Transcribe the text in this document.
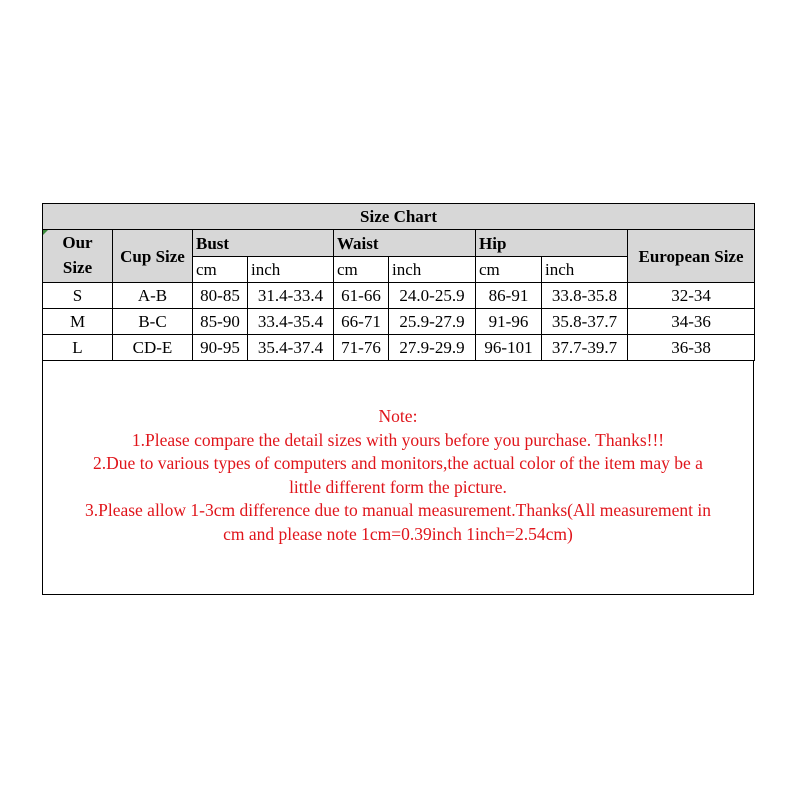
Size Chart								
Our
Size	Cup Size	Bust		Waist		Hip		European Size
		cm	inch	cm	inch	cm	inch	
S	A-B	80-85	31.4-33.4	61-66	24.0-25.9	86-91	33.8-35.8	32-34
M	B-C	85-90	33.4-35.4	66-71	25.9-27.9	91-96	35.8-37.7	34-36
L	CD-E	90-95	35.4-37.4	71-76	27.9-29.9	96-101	37.7-39.7	36-38
Note:
1.Please compare the detail sizes with yours before you purchase. Thanks!!!
2.Due to various types of computers and monitors,the actual color of the item may be a
little different form the picture.
3.Please allow 1-3cm difference due to manual measurement.Thanks(All measurement in
cm and please note 1cm=0.39inch 1inch=2.54cm)
